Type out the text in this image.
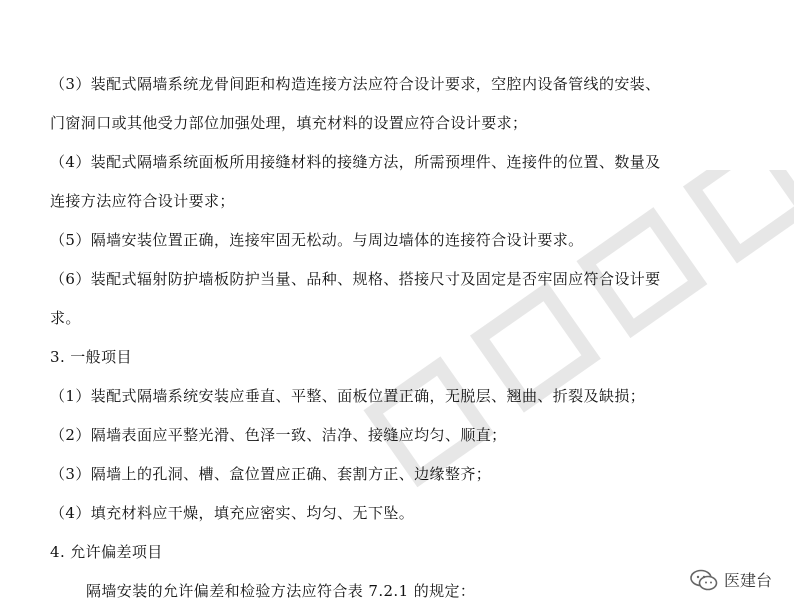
（3）装配式隔墙系统龙骨间距和构造连接方法应符合设计要求，空腔内设备管线的安装、
门窗洞口或其他受力部位加强处理，填充材料的设置应符合设计要求；
（4）装配式隔墙系统面板所用接缝材料的接缝方法，所需预埋件、连接件的位置、数量及
连接方法应符合设计要求；
（5）隔墙安装位置正确，连接牢固无松动。与周边墙体的连接符合设计要求。
（6）装配式辐射防护墙板防护当量、品种、规格、搭接尺寸及固定是否牢固应符合设计要
求。
3. 一般项目
（1）装配式隔墙系统安装应垂直、平整、面板位置正确，无脱层、翘曲、折裂及缺损；
（2）隔墙表面应平整光滑、色泽一致、洁净、接缝应均匀、顺直；
（3）隔墙上的孔洞、槽、盒位置应正确、套割方正、边缘整齐；
（4）填充材料应干燥，填充应密实、均匀、无下坠。
4. 允许偏差项目
隔墙安装的允许偏差和检验方法应符合表 7.2.1 的规定：
医建台
